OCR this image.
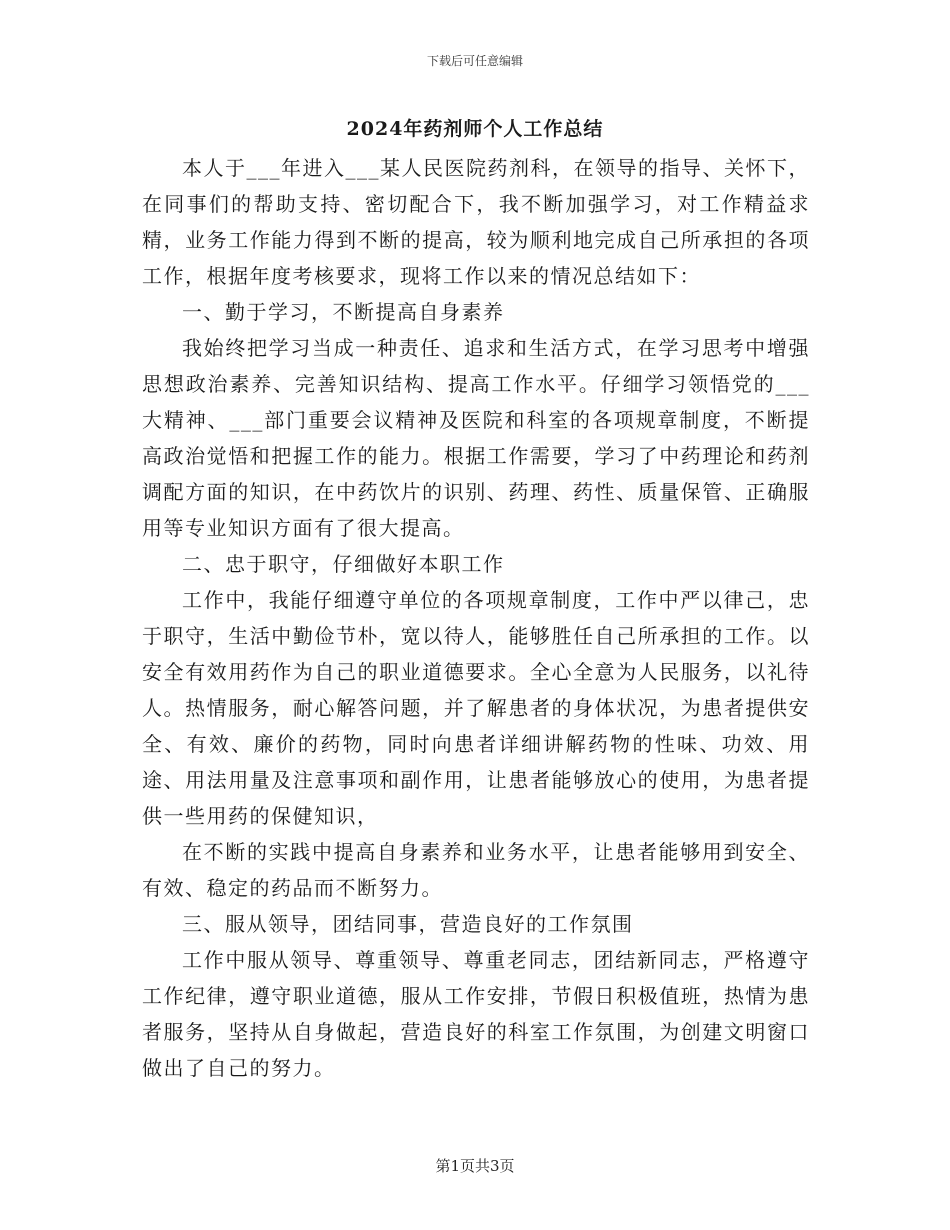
下载后可任意编辑
2024年药剂师个人工作总结

本人于___年进入___某人民医院药剂科，在领导的指导、关怀下，在同事们的帮助支持、密切配合下，我不断加强学习，对工作精益求精，业务工作能力得到不断的提高，较为顺利地完成自己所承担的各项工作，根据年度考核要求，现将工作以来的情况总结如下：

一、勤于学习，不断提高自身素养

我始终把学习当成一种责任、追求和生活方式，在学习思考中增强思想政治素养、完善知识结构、提高工作水平。仔细学习领悟党的___大精神、___部门重要会议精神及医院和科室的各项规章制度，不断提高政治觉悟和把握工作的能力。根据工作需要，学习了中药理论和药剂调配方面的知识，在中药饮片的识别、药理、药性、质量保管、正确服用等专业知识方面有了很大提高。

二、忠于职守，仔细做好本职工作

工作中，我能仔细遵守单位的各项规章制度，工作中严以律己，忠于职守，生活中勤俭节朴，宽以待人，能够胜任自己所承担的工作。以安全有效用药作为自己的职业道德要求。全心全意为人民服务，以礼待人。热情服务，耐心解答问题，并了解患者的身体状况，为患者提供安全、有效、廉价的药物，同时向患者详细讲解药物的性味、功效、用途、用法用量及注意事项和副作用，让患者能够放心的使用，为患者提供一些用药的保健知识，

在不断的实践中提高自身素养和业务水平，让患者能够用到安全、有效、稳定的药品而不断努力。

三、服从领导，团结同事，营造良好的工作氛围

工作中服从领导、尊重领导、尊重老同志，团结新同志，严格遵守工作纪律，遵守职业道德，服从工作安排，节假日积极值班，热情为患者服务，坚持从自身做起，营造良好的科室工作氛围，为创建文明窗口做出了自己的努力。

第1页共3页
